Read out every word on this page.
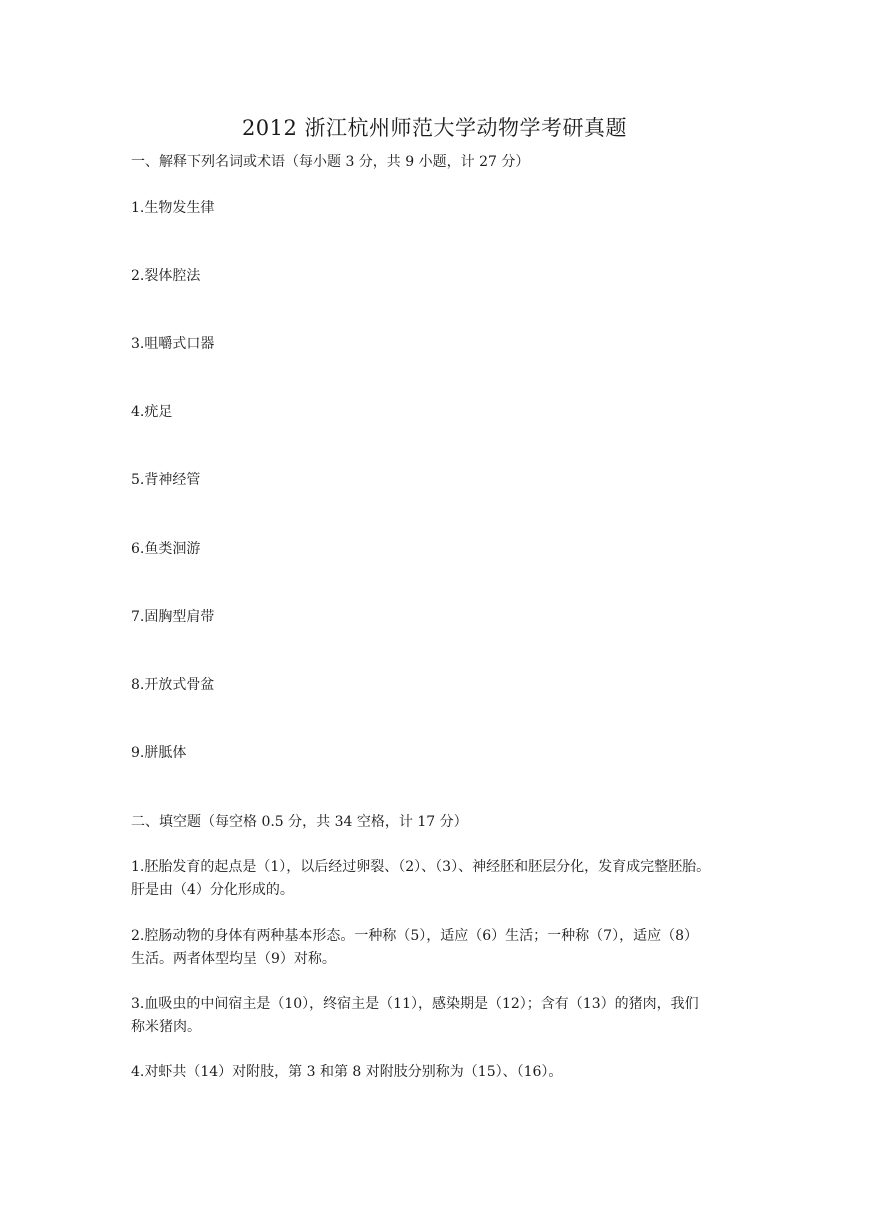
2012 浙江杭州师范大学动物学考研真题
一、解释下列名词或术语（每小题 3 分，共 9 小题，计 27 分）
1.生物发生律
2.裂体腔法
3.咀嚼式口器
4.疣足
5.背神经管
6.鱼类洄游
7.固胸型肩带
8.开放式骨盆
9.胼胝体
二、填空题（每空格 0.5 分，共 34 空格，计 17 分）
1.胚胎发育的起点是（1），以后经过卵裂、（2）、（3）、神经胚和胚层分化，发育成完整胚胎。
肝是由（4）分化形成的。
2.腔肠动物的身体有两种基本形态。一种称（5），适应（6）生活；一种称（7），适应（8）
生活。两者体型均呈（9）对称。
3.血吸虫的中间宿主是（10），终宿主是（11），感染期是（12）；含有（13）的猪肉，我们
称米猪肉。
4.对虾共（14）对附肢，第 3 和第 8 对附肢分别称为（15）、（16）。
